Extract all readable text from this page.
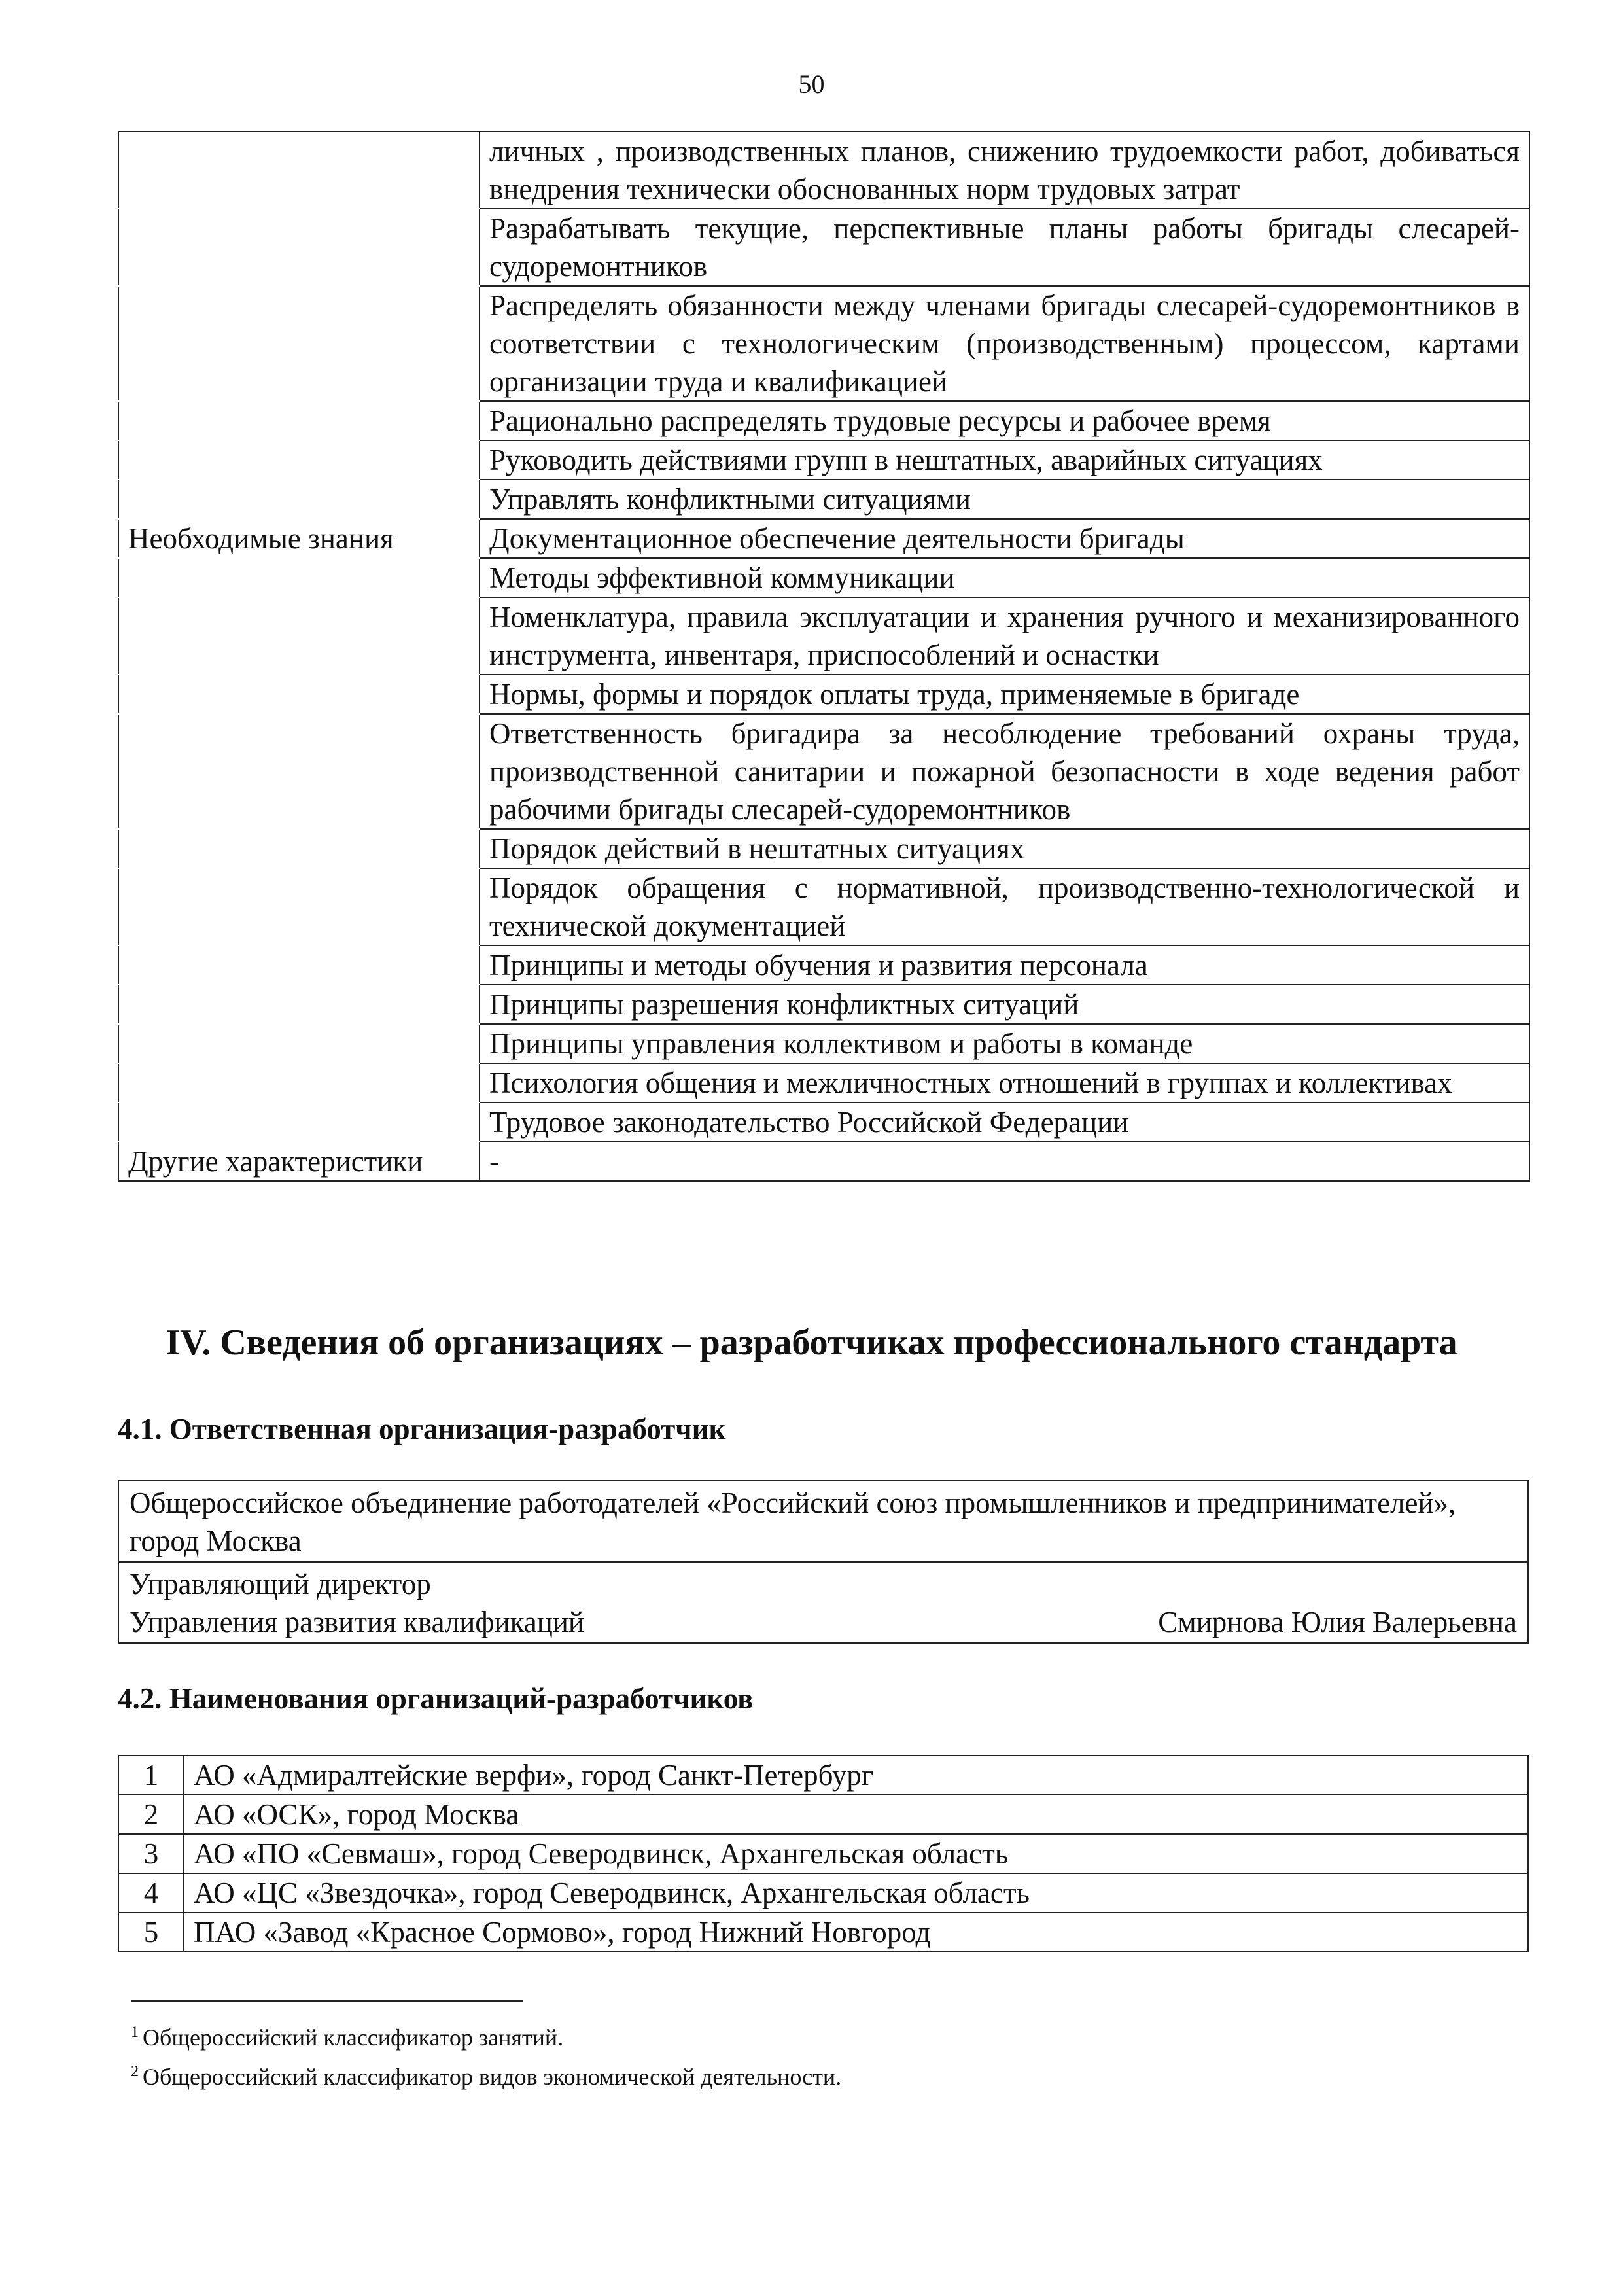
50
	личных , производственных планов, снижению трудоемкости работ, добиваться внедрения технически обоснованных норм трудовых затрат
	Разрабатывать текущие, перспективные планы работы бригады слесарей-судоремонтников
	Распределять обязанности между членами бригады слесарей-судоремонтников в соответствии с технологическим (производственным) процессом, картами организации труда и квалификацией
	Рационально распределять трудовые ресурсы и рабочее время
	Руководить действиями групп в нештатных, аварийных ситуациях
	Управлять конфликтными ситуациями
Необходимые знания	Документационное обеспечение деятельности бригады
	Методы эффективной коммуникации
	Номенклатура, правила эксплуатации и хранения ручного и механизированного инструмента, инвентаря, приспособлений и оснастки
	Нормы, формы и порядок оплаты труда, применяемые в бригаде
	Ответственность бригадира за несоблюдение требований охраны труда, производственной санитарии и пожарной безопасности в ходе ведения работ рабочими бригады слесарей-судоремонтников
	Порядок действий в нештатных ситуациях
	Порядок обращения с нормативной, производственно-технологической и технической документацией
	Принципы и методы обучения и развития персонала
	Принципы разрешения конфликтных ситуаций
	Принципы управления коллективом и работы в команде
	Психология общения и межличностных отношений в группах и коллективах
	Трудовое законодательство Российской Федерации
Другие характеристики	-
IV. Сведения об организациях – разработчиках профессионального стандарта
4.1. Ответственная организация-разработчик
Общероссийское объединение работодателей «Российский союз промышленников и предпринимателей», город Москва

Управляющий директор
Управления развития квалификаций	Смирнова Юлия Валерьевна
4.2. Наименования организаций-разработчиков
1	АО «Адмиралтейские верфи», город Санкт-Петербург
2	АО «ОСК», город Москва
3	АО «ПО «Севмаш», город Северодвинск, Архангельская область
4	АО «ЦС «Звездочка», город Северодвинск, Архангельская область
5	ПАО «Завод «Красное Сормово», город Нижний Новгород
$^1$ Общероссийский классификатор занятий.
$^2$ Общероссийский классификатор видов экономической деятельности.
